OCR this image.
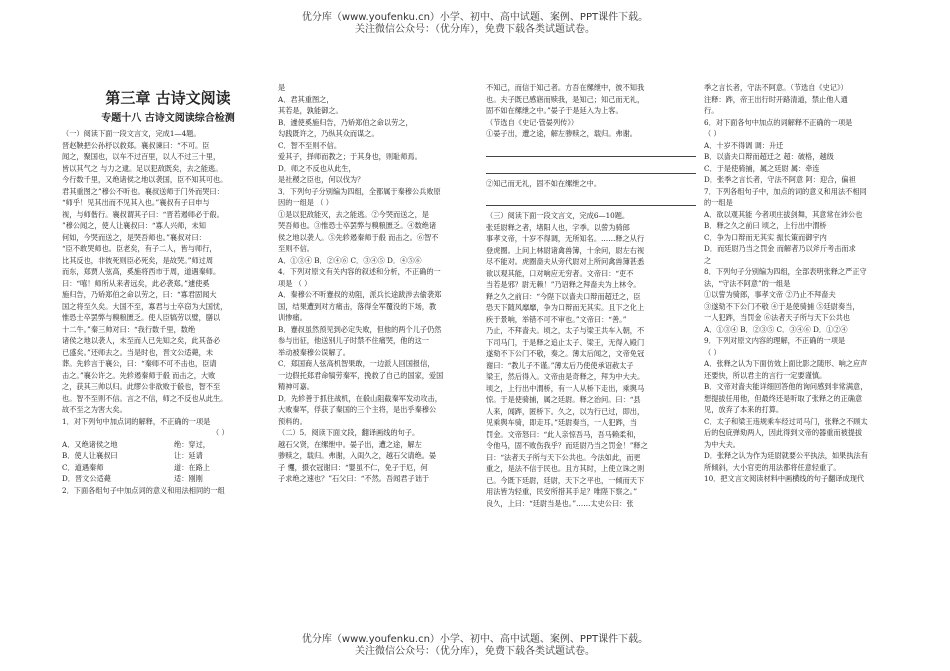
优分库（www.youfenku.cn）小学、初中、高中试题、案例、PPT课件下载。
关注微信公众号：（优分库），免费下载各类试题试卷。
第三章 古诗文阅读
专题十八 古诗文阅读综合检测

（一）阅读下面一段文言文，完成1—4题。

晋赵鞅把公孙杼以救郑。襄叔谏曰：“不可。臣

闻之，聚国也，以车不过百里，以人不过三十里，

皆以其气之 与力之逮。足以犯敌既矣，去之能逃。

今行数千里，又绝诸侯之地以袭国，臣不知其可也。

君其重图之”穆公不听也。襄叔送师于门外而哭曰：

“师乎！见其出而不见其入也。”襄叔有子曰申与

视，与师偕行。襄叔谓其子曰：“晋若遏师必于殽。

”穆公闻之，使人让襄叔曰：“寡人兴师，未知

何如，今哭而送之，是哭吾师也。”襄叔对曰：

“臣不敢哭师也。臣老矣，有子二人，皆与师行，

比其反也，非彼死则臣必死矣，是故哭。”师过周

而东，郑贾人弦高，奚施将西市于周，道遇秦师。

曰：“嘻！师所从来者远矣，此必袭郑。”遽使奚

施归告，乃矫郑伯之命以劳之，曰：“寡君固闻大

国之将至久矣。大国不至，寡君与士卒窃为大国忧，

惟恐士卒罢弊与糗粮匮乏。使人臣犒劳以璧，膳以

十二牛。”秦三帅对曰：“我行数千里，数绝

诸侯之地以袭人，未至而人已先知之矣，此其备必

已盛矣。”还师去之。当是时也，晋文公适薨，未

葬。先轸言于襄公，曰：“秦师不可不击也，臣请

击之。”襄公许之。先轸遏秦师于殽 而击之，大败

之，获其三帅以归。此缪公非欲败于殽也，智不至

也。智不至则不信。言之不信，师之不反也从此生。

故不至之为害大矣。

1．对下列句中加点词的解释，不正确的一项是

（ ）

A．又绝诸侯之地	绝：穿过，
B．使人让襄叔曰	让：延请
C．道遇秦师	道：在路上
D．晋文公适薨	适：刚刚

2．下面各组句子中加点词的意义和用法相同的一组

是

A．君其重图之，

其若是，孰能御之。

B．遽使奚施归告，乃矫郑伯之命以劳之，

勾践既许之，乃纵其众而谋之。

C．智不至则不信。

爱其子，择师而教之；于其身也，则耻师焉。

D．师之不反也从此生，

是社稷之臣也，何以伐为？

3．下列句子分别编为四组，全都属于秦穆公兵败原

因的一组是 （ ）

①是以犯敌能灭，去之能逃。②今哭而送之，是

哭吾师也。③惟恐士卒罢弊与糗粮匮乏。④数绝诸

侯之地以袭人。⑤先轸遏秦师于殽 而击之。⑥智不

至则不信。

A．①③④ B．②④⑥ C．③④⑤ D．④⑤⑥

4．下列对原文有关内容的叙述和分析，不正确的一

项是 （ ）

A．秦穆公不听蹇叔的劝阻，派兵长途跋涉去偷袭郑

国，结果遭到对方痛击，落得全军覆没的下场，教

训惨痛。

B．蹇叔虽然预见到必定失败，但他的两个儿子仍然

参与出征，他送别儿子时禁不住痛哭，他的这一

举动被秦穆公误解了。

C．郑国商人弦高机智果敢，一边派人回国报信，

一边假托郑君命犒劳秦军，挽救了自己的国家，爱国

精神可嘉。

D．先轸善于抓住战机，在殽山阻截秦军发动攻击，

大败秦军，俘获了秦国的三个主将，是出乎秦穆公

预料的。

（二）5．阅读下面文段，翻译画线的句子。

越石父贤，在缧绁中。晏子出，遭之途，解左

骖赎之，载归。弗谢，入闺久之，越石父请绝。晏

子 戄，摄衣冠谢曰：“婴虽不仁，免子于厄，何

子求绝之速也？”石父曰：“不然。吾闻君子诎于

不知己，而信于知己者。方吾在缧绁中，彼不知我

也。夫子既已感寤而赎我，是知己；知己而无礼，

固不如在缧绁之中。”晏子于是延入为上客。

（节选自《史记·管晏列传》）

①晏子出，遭之途，解左骖赎之，载归。弗谢。

②知己而无礼，固不如在缧绁之中。

（三）阅读下面一段文言文，完成6—10题。

张廷尉释之者，堵阳人也，字季。以訾为骑郎

事孝文帝，十岁不得调，无所知名。……释之从行

登虎圈。上问上林尉诸禽兽簿，十余问，尉左右视

尽不能对。虎圈啬夫从旁代尉对上所问禽兽簿甚悉

欲以观其能，口对响应无穷者。文帝曰：“吏不

当若是邪？尉无赖！”乃诏释之拜啬夫为上林令。

释之久之前曰：“今陛下以啬夫口辩而超迁之，臣

恐天下随风靡靡，争为口辩而无其实。且下之化上

疾于景响，举错不可不审也。”文帝曰：“善。”

乃止，不拜啬夫。顷之，太子与梁王共车入朝，不

下司马门，于是释之追止太子、梁王，无得入殿门

遂劾不下公门不敬，奏之。薄太后闻之，文帝免冠

谢曰：“教儿子不谨。”薄太后乃使使承诏赦太子

梁王，然后得入。文帝由是奇释之，拜为中大夫。

顷之，上行出中渭桥，有一人从桥下走出，乘舆马

惊。于是使骑捕，属之廷尉。释之治问。曰：“县

人来，闻跸，匿桥下。久之，以为行已过，即出，

见乘舆车骑，即走耳。”廷尉奏当，一人犯跸，当

罚金。文帝怒曰：“此人亲惊吾马，吾马赖柔和，

令他马，固不败伤我乎？而廷尉乃当之罚金！”释之

曰：“法者天子所与天下公共也。今法如此，而更

重之，是法不信于民也。且方其时，上使立诛之则

已。今既下廷尉，廷尉，天下之平也，一倾而天下

用法皆为轻重，民安所措其手足？唯陛下察之。”

良久，上曰：“廷尉当是也。”……太史公曰：张

季之言长者，守法不阿意。（节选自《史记》）

注释：跸，帝王出行时开路清道，禁止他人通

行。

6．对下面各句中加点的词解释不正确的一项是

（ ）

A．十岁不得调 调：升迁

B．以啬夫口辩而超迁之 超：破格，越级

C．于是使骑捕，属之廷尉 属：牵连

D．张季之言长者，守法不阿意 阿：迎合，偏袒

7．下列各组句子中，加点的词的意义和用法不相同

的一组是

A．欲以观其能 今者项庄拔剑舞，其意常在沛公也

B．释之久之前曰 顷之，上行出中渭桥

C．争为口辩而无其实 振长策而御宇内

D．而廷尉乃当之罚金 而解者乃以斧斤考击而求

之

8．下列句子分别编为四组，全部表明张释之严正守

法，“守法不阿意”的一组是

①以訾为骑郎，事孝文帝 ②乃止不拜啬夫

③遂劾不下公门不敬 ④于是使骑捕 ⑤廷尉奏当，

一人犯跸，当罚金 ⑥法者天子所与天下公共也

A．①③④ B．②③⑤ C．③④⑥ D．①②④

9．下列对原文内容的理解，不正确的一项是

（ ）

A．张释之认为下面仿效上面比影之随形、响之应声

还要快，所以君主的言行一定要谨慎。

B．文帝对啬夫能详细回答他的询问感到非常满意，

想提拔任用他，但最终还是听取了张释之的正确意

见，放弃了本来的打算。

C．太子和梁王违规乘车经过司马门，张释之不顾太

后的包庇弹劾两人，因此得到文帝的器重而被提拔

为中大夫。

D．张释之认为作为廷尉就要公平执法，如果执法有

所倾斜，大小官吏的用法都将任意轻重了。

10．把文言文阅读材料中画横线的句子翻译成现代

优分库（www.youfenku.cn）小学、初中、高中试题、案例、PPT课件下载。
关注微信公众号：（优分库），免费下载各类试题试卷。
